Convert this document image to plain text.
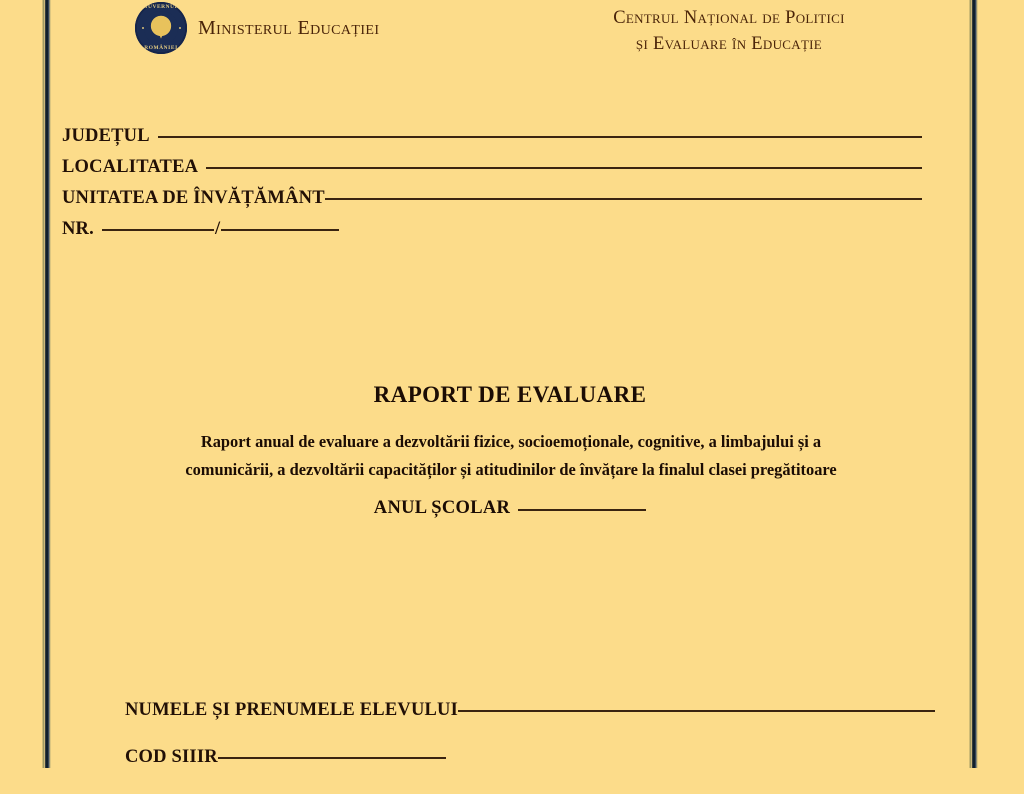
GUVERNUL
ROMÂNIEI
Ministerul Educației	Centrul Național de Politici
și Evaluare în Educație
JUDEȚUL
LOCALITATEA
UNITATEA DE ÎNVĂȚĂMÂNT
NR.	/
RAPORT DE EVALUARE
Raport anual de evaluare a dezvoltării fizice, socioemoționale, cognitive, a limbajului și a
comunicării, a dezvoltării capacităților și atitudinilor de învățare la finalul clasei pregătitoare
ANUL ȘCOLAR
NUMELE ȘI PRENUMELE ELEVULUI
COD SIIIR
